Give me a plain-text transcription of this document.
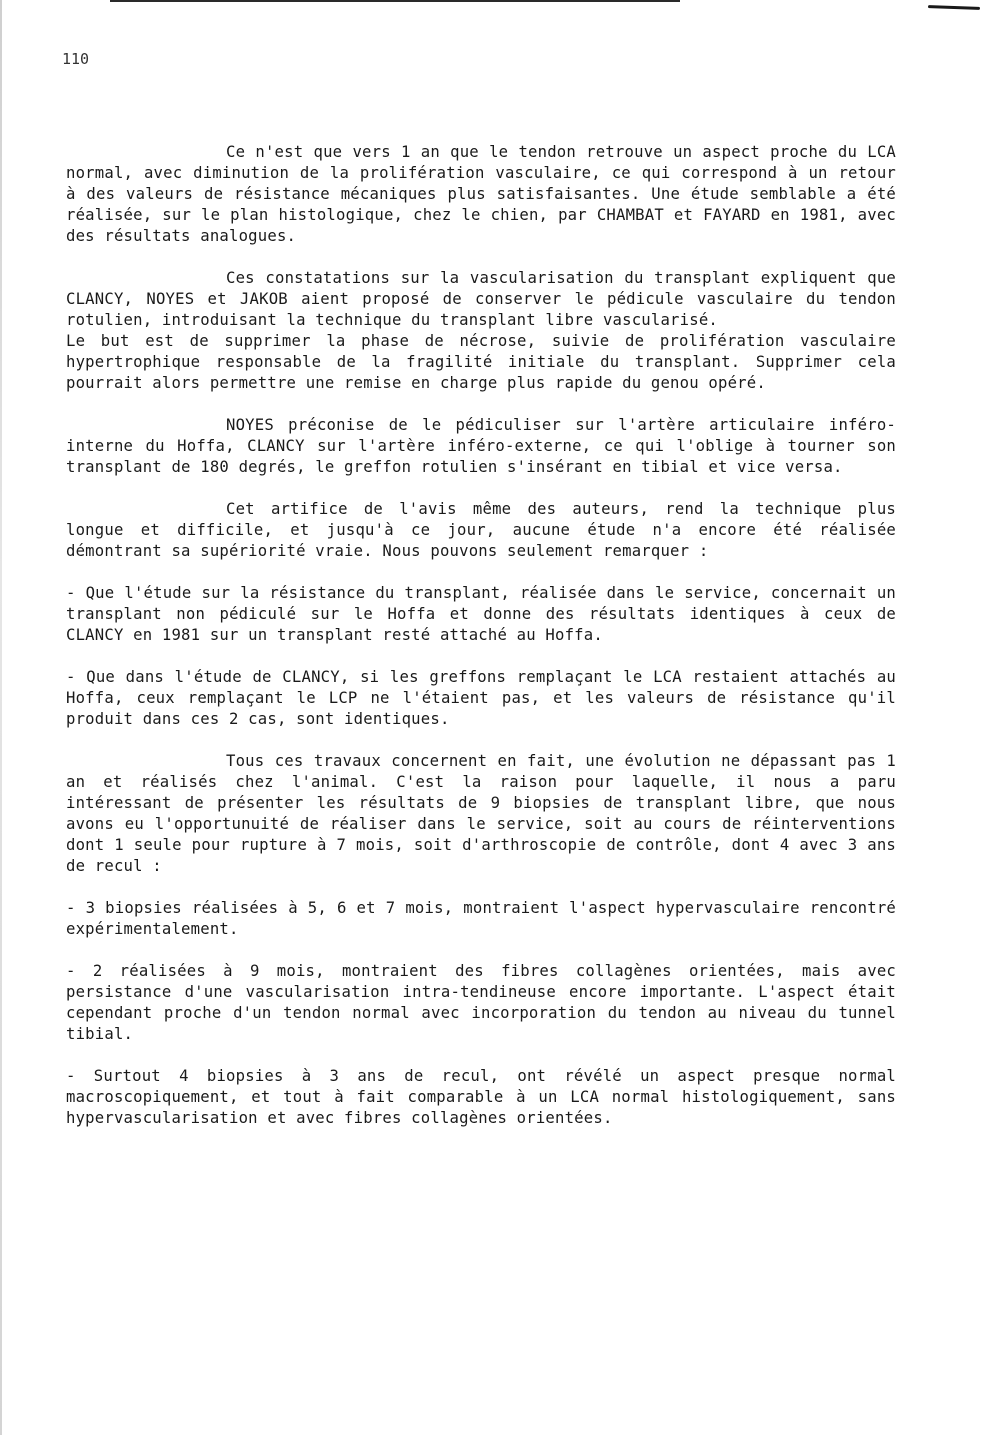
110

Ce n'est que vers 1 an que le tendon retrouve un aspect proche du LCA normal, avec diminution de la prolifération vasculaire, ce qui correspond à un retour à des valeurs de résistance mécaniques plus satisfaisantes. Une étude semblable a été réalisée, sur le plan histologique, chez le chien, par CHAMBAT et FAYARD en 1981, avec des résultats analogues.

Ces constatations sur la vascularisation du transplant expliquent que CLANCY, NOYES et JAKOB aient proposé de conserver le pédicule vasculaire du tendon rotulien, introduisant la technique du transplant libre vascularisé.

Le but est de supprimer la phase de nécrose, suivie de prolifération vasculaire hypertrophique responsable de la fragilité initiale du transplant. Supprimer cela pourrait alors permettre une remise en charge plus rapide du genou opéré.

NOYES préconise de le pédiculiser sur l'artère articulaire inféro-interne du Hoffa, CLANCY sur l'artère inféro-externe, ce qui l'oblige à tourner son transplant de 180 degrés, le greffon rotulien s'insérant en tibial et vice versa.

Cet artifice de l'avis même des auteurs, rend la technique plus longue et difficile, et jusqu'à ce jour, aucune étude n'a encore été réalisée démontrant sa supériorité vraie. Nous pouvons seulement remarquer :

- Que l'étude sur la résistance du transplant, réalisée dans le service, concernait un transplant non pédiculé sur le Hoffa et donne des résultats identiques à ceux de CLANCY en 1981 sur un transplant resté attaché au Hoffa.

- Que dans l'étude de CLANCY, si les greffons remplaçant le LCA restaient attachés au Hoffa, ceux remplaçant le LCP ne l'étaient pas, et les valeurs de résistance qu'il produit dans ces 2 cas, sont identiques.

Tous ces travaux concernent en fait, une évolution ne dépassant pas 1 an et réalisés chez l'animal. C'est la raison pour laquelle, il nous a paru intéressant de présenter les résultats de 9 biopsies de transplant libre, que nous avons eu l'opportunuité de réaliser dans le service, soit au cours de réinterventions dont 1 seule pour rupture à 7 mois, soit d'arthroscopie de contrôle, dont 4 avec 3 ans de recul :

- 3 biopsies réalisées à 5, 6 et 7 mois, montraient l'aspect hypervasculaire rencontré expérimentalement.

- 2 réalisées à 9 mois, montraient des fibres collagènes orientées, mais avec persistance d'une vascularisation intra-tendineuse encore importante. L'aspect était cependant proche d'un tendon normal avec incorporation du tendon au niveau du tunnel tibial.

- Surtout 4 biopsies à 3 ans de recul, ont révélé un aspect presque normal macroscopiquement, et tout à fait comparable à un LCA normal histologiquement, sans hypervascularisation et avec fibres collagènes orientées.
